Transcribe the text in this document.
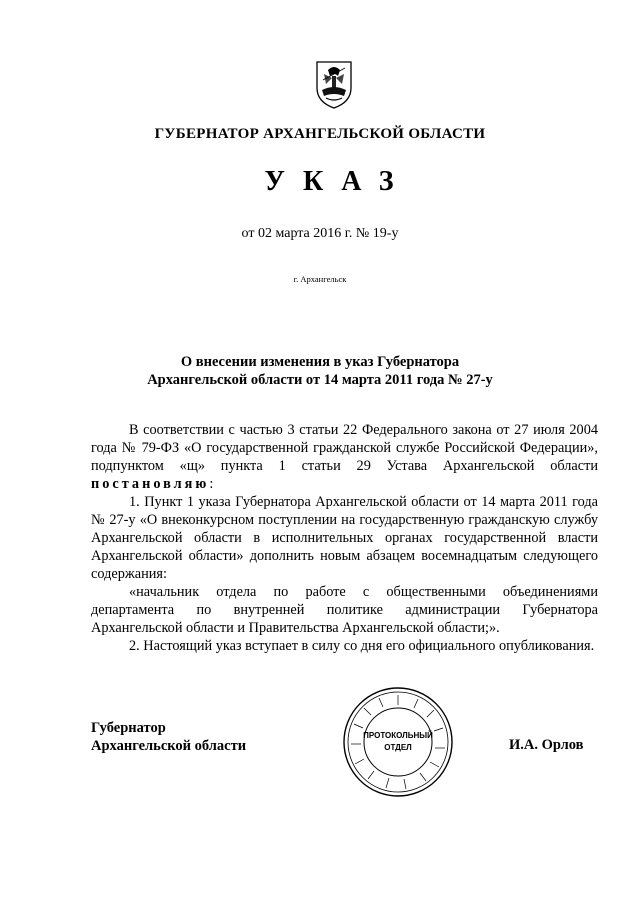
ГУБЕРНАТОР АРХАНГЕЛЬСКОЙ ОБЛАСТИ
УКАЗ
от 02 марта 2016 г. № 19-у
г. Архангельск
О внесении изменения в указ Губернатора
Архангельской области от 14 марта 2011 года № 27-у

В соответствии с частью 3 статьи 22 Федерального закона от 27 июля 2004 года № 79-ФЗ «О государственной гражданской службе Российской Федерации», подпунктом «щ» пункта 1 статьи 29 Устава Архангельской области постановляю:

1. Пункт 1 указа Губернатора Архангельской области от 14 марта 2011 года № 27-у «О внеконкурсном поступлении на государственную гражданскую службу Архангельской области в исполнительных органах государственной власти Архангельской области» дополнить новым абзацем восемнадцатым следующего содержания:

«начальник отдела по работе с общественными объединениями департамента по внутренней политике администрации Губернатора Архангельской области и Правительства Архангельской области;».

2. Настоящий указ вступает в силу со дня его официального опубликования.

Губернатор
Архангельской области
ПРОТОКОЛЬНЫЙ
ОТДЕЛ	И.А. Орлов
